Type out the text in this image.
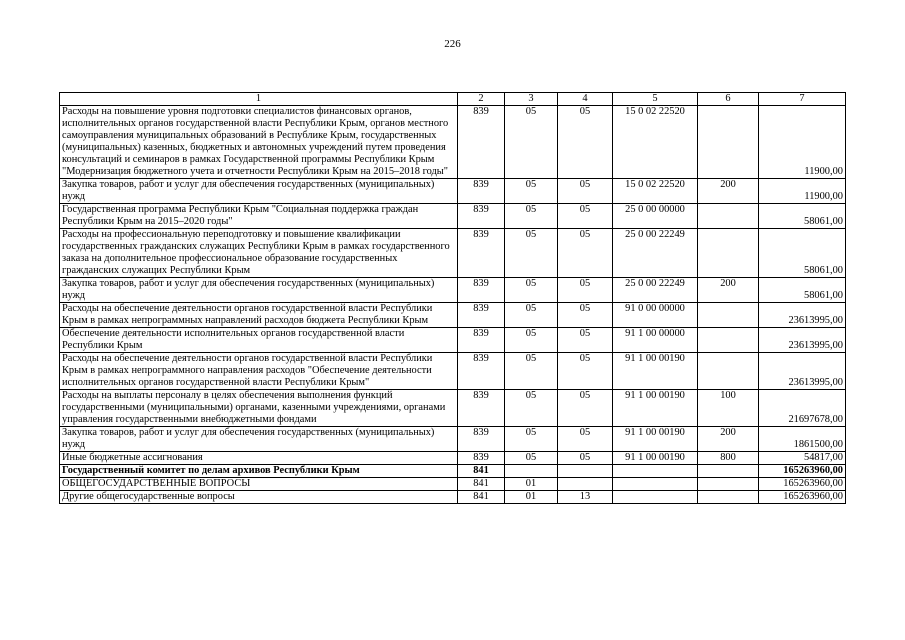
226
1	2	3	4	5	6	7
Расходы на повышение уровня подготовки специалистов финансовых органов, исполнительных органов государственной власти Республики Крым, органов местного самоуправления муниципальных образований в Республике Крым, государственных (муниципальных) казенных, бюджетных и автономных учреждений путем проведения консультаций и семинаров в рамках Государственной программы Республики Крым "Модернизация бюджетного учета и отчетности Республики Крым на 2015–2018 годы"	839	05	05	15 0 02 22520		11900,00
Закупка товаров, работ и услуг для обеспечения государственных (муниципальных) нужд	839	05	05	15 0 02 22520	200	11900,00
Государственная программа Республики Крым "Социальная поддержка граждан Республики Крым на 2015–2020 годы"	839	05	05	25 0 00 00000		58061,00
Расходы на профессиональную переподготовку и повышение квалификации государственных гражданских служащих Республики Крым в рамках государственного заказа на дополнительное профессиональное образование государственных гражданских служащих Республики Крым	839	05	05	25 0 00 22249		58061,00
Закупка товаров, работ и услуг для обеспечения государственных (муниципальных) нужд	839	05	05	25 0 00 22249	200	58061,00
Расходы на обеспечение деятельности органов государственной власти Республики Крым в рамках непрограммных направлений расходов бюджета Республики Крым	839	05	05	91 0 00 00000		23613995,00
Обеспечение деятельности исполнительных органов государственной власти Республики Крым	839	05	05	91 1 00 00000		23613995,00
Расходы на обеспечение деятельности органов государственной власти Республики Крым в рамках непрограммного направления расходов "Обеспечение деятельности исполнительных органов государственной власти Республики Крым"	839	05	05	91 1 00 00190		23613995,00
Расходы на выплаты персоналу в целях обеспечения выполнения функций государственными (муниципальными) органами, казенными учреждениями, органами управления государственными внебюджетными фондами	839	05	05	91 1 00 00190	100	21697678,00
Закупка товаров, работ и услуг для обеспечения государственных (муниципальных) нужд	839	05	05	91 1 00 00190	200	1861500,00
Иные бюджетные ассигнования	839	05	05	91 1 00 00190	800	54817,00
Государственный комитет по делам архивов Республики Крым	841					165263960,00
ОБЩЕГОСУДАРСТВЕННЫЕ ВОПРОСЫ	841	01				165263960,00
Другие общегосударственные вопросы	841	01	13			165263960,00
